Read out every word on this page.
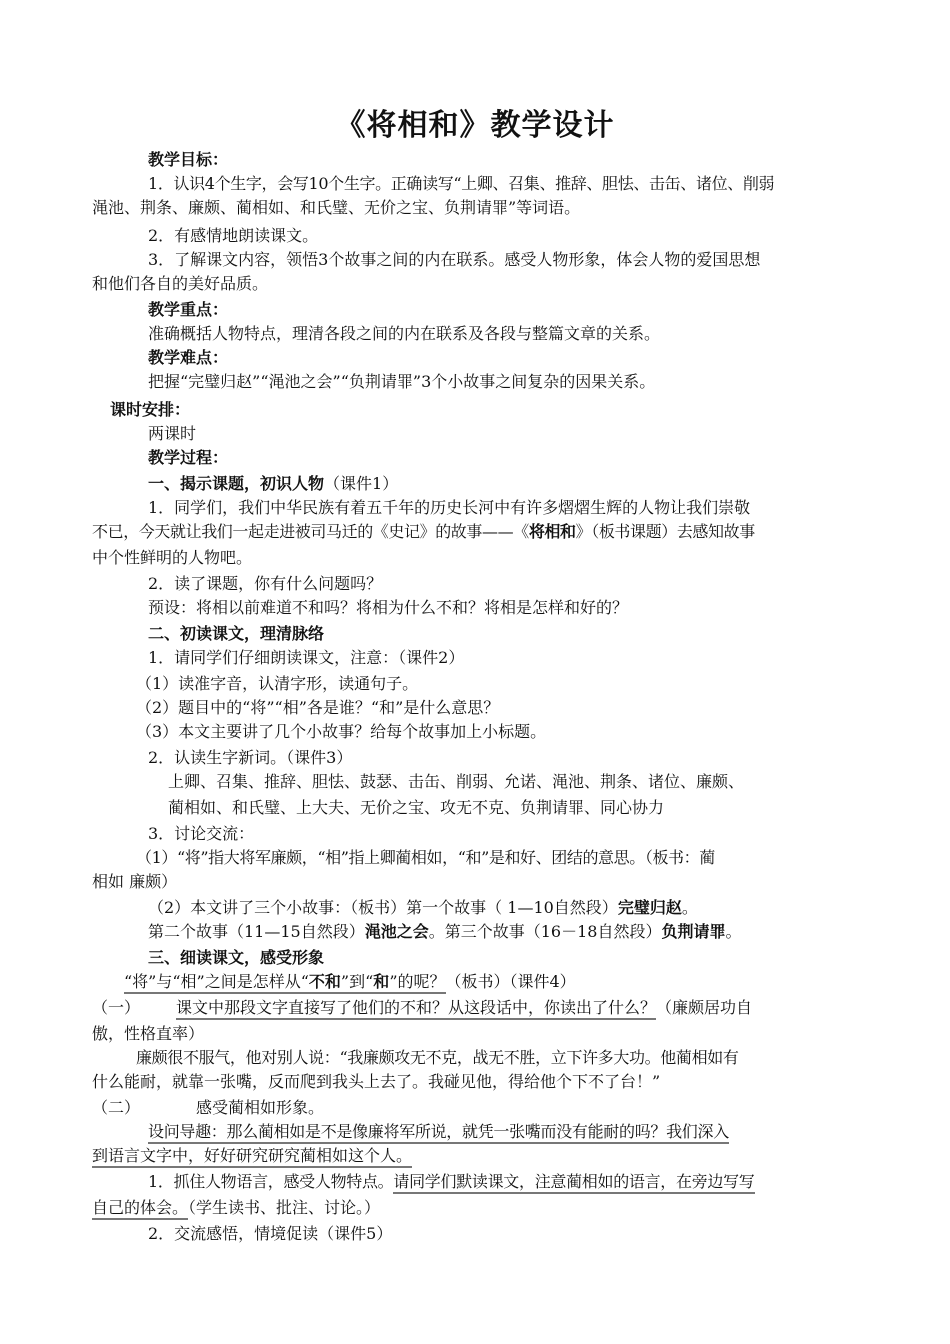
《将相和》教学设计
教学目标：
1．认识4个生字，会写10个生字。正确读写“上卿、召集、推辞、胆怯、击缶、诸位、削弱
渑池、荆条、廉颇、蔺相如、和氏璧、无价之宝、负荆请罪”等词语。
2．有感情地朗读课文。
3．了解课文内容，领悟3个故事之间的内在联系。感受人物形象，体会人物的爱国思想
和他们各自的美好品质。
教学重点：
准确概括人物特点，理清各段之间的内在联系及各段与整篇文章的关系。
教学难点：
把握“完璧归赵”“渑池之会”“负荆请罪”3个小故事之间复杂的因果关系。
课时安排：
两课时
教学过程：
一、揭示课题，初识人物（课件1）
1．同学们，我们中华民族有着五千年的历史长河中有许多熠熠生辉的人物让我们崇敬
不已，今天就让我们一起走进被司马迁的《史记》的故事——《将相和》（板书课题）去感知故事
中个性鲜明的人物吧。
2．读了课题，你有什么问题吗？
预设：将相以前难道不和吗？将相为什么不和？将相是怎样和好的？
二、初读课文，理清脉络
1．请同学们仔细朗读课文，注意：（课件2）
（1）读准字音，认清字形，读通句子。
（2）题目中的“将”“相”各是谁？“和”是什么意思？
（3）本文主要讲了几个小故事？给每个故事加上小标题。
2．认读生字新词。（课件3）
上卿、召集、推辞、胆怯、鼓瑟、击缶、削弱、允诺、渑池、荆条、诸位、廉颇、
蔺相如、和氏璧、上大夫、无价之宝、攻无不克、负荆请罪、同心协力
3．讨论交流：
（1）“将”指大将军廉颇，“相”指上卿蔺相如，“和”是和好、团结的意思。（板书：蔺
相如 廉颇）
（2）本文讲了三个小故事：（板书）第一个故事（ 1—10自然段）完璧归赵。
第二个故事（11—15自然段）渑池之会。第三个故事（16－18自然段）负荆请罪。
三、细读课文，感受形象
“将”与“相”之间是怎样从“不和”到“和”的呢？（板书）（课件4）
（一） 课文中那段文字直接写了他们的不和？从这段话中，你读出了什么？（廉颇居功自
傲，性格直率）
廉颇很不服气，他对别人说：“我廉颇攻无不克，战无不胜，立下许多大功。他蔺相如有
什么能耐，就靠一张嘴，反而爬到我头上去了。我碰见他，得给他个下不了台！”
（二）	感受蔺相如形象。
设问导趣：那么蔺相如是不是像廉将军所说，就凭一张嘴而没有能耐的吗？我们深入
到语言文字中，好好研究研究蔺相如这个人。
1．抓住人物语言，感受人物特点。请同学们默读课文，注意蔺相如的语言，在旁边写写
自己的体会。（学生读书、批注、讨论。）
2．交流感悟，情境促读（课件5）
